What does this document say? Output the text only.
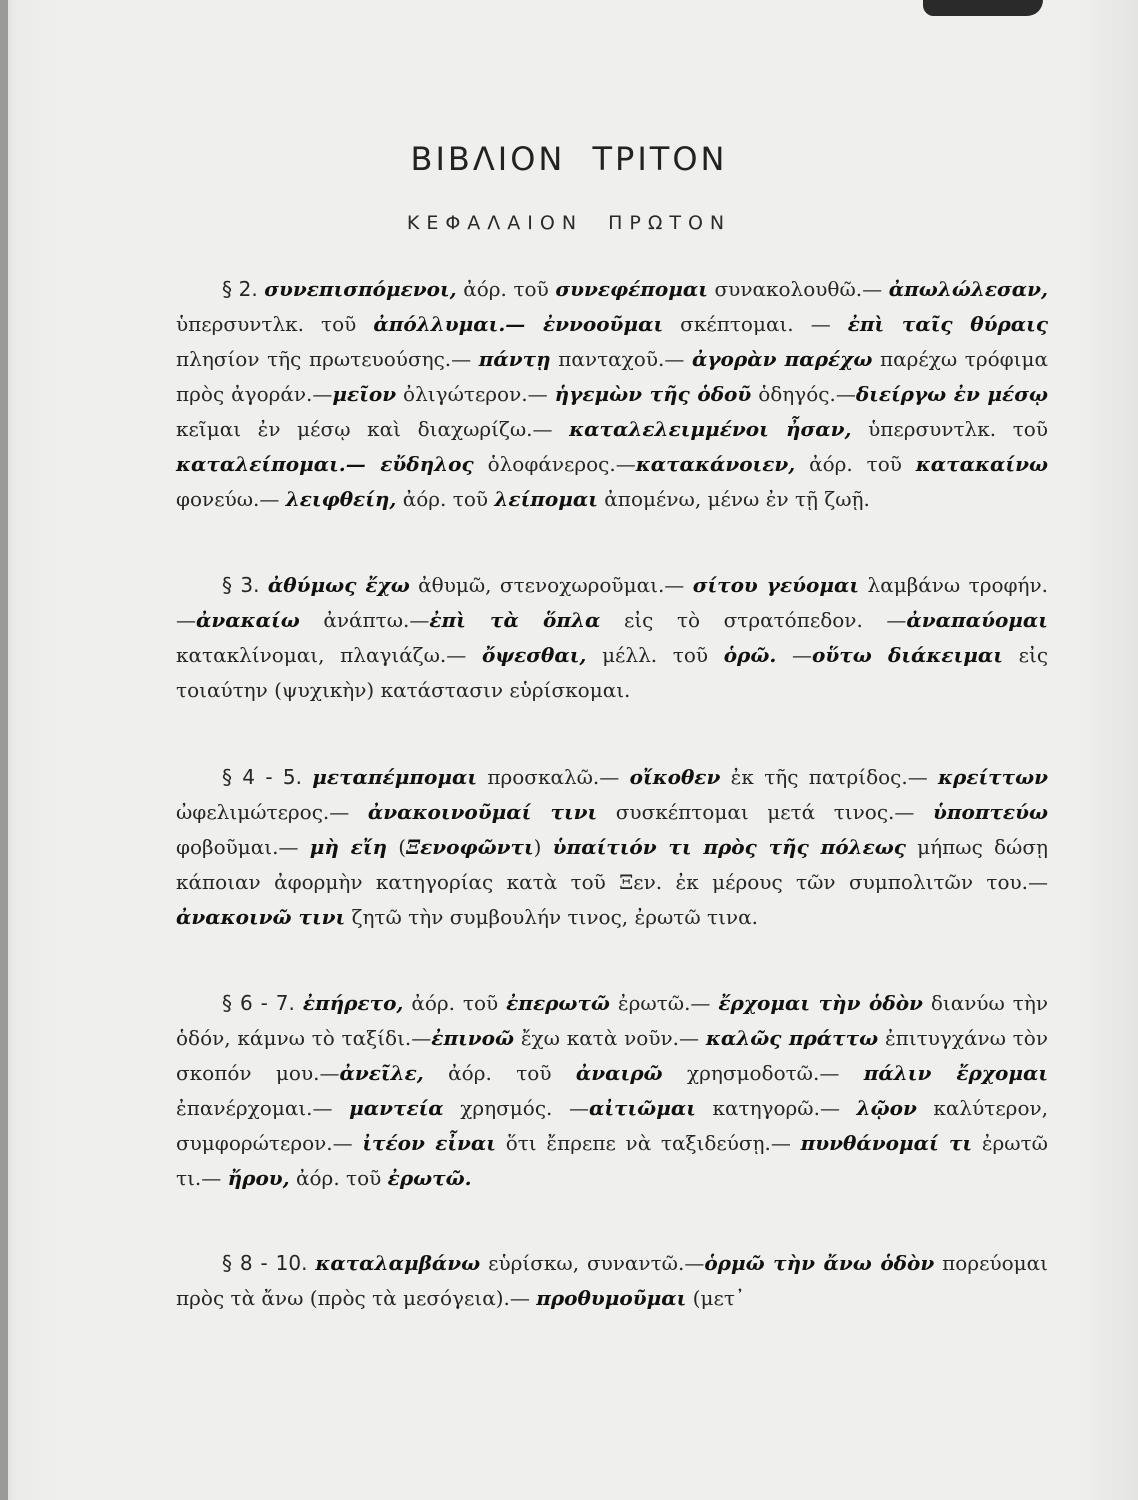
ΒΙΒΛΙΟΝ ΤΡΙΤΟΝ
ΚΕΦΑΛΑΙΟΝ ΠΡΩΤΟΝ

§ 2. συνεπισπόμενοι, ἀόρ. τοῦ συνεφέπομαι συνακολουθῶ.— ἀπωλώλεσαν, ὑπερσυντλκ. τοῦ ἀπόλλυμαι.— ἐννοοῦμαι σκέπτομαι. — ἐπὶ ταῖς θύραις πλησίον τῆς πρωτευούσης.— πάντῃ πανταχοῦ.— ἀγορὰν παρέχω παρέχω τρόφιμα πρὸς ἀγοράν.—μεῖον ὀλιγώτερον.— ἡγεμὼν τῆς ὁδοῦ ὁδηγός.—διείργω ἐν μέσῳ κεῖμαι ἐν μέσῳ καὶ διαχωρίζω.— καταλελειμμένοι ἦσαν, ὑπερσυντλκ. τοῦ καταλείπομαι.— εὔδηλος ὁλοφάνερος.—κατακάνοιεν, ἀόρ. τοῦ κατακαίνω φονεύω.— λειφθείη, ἀόρ. τοῦ λείπομαι ἀπομένω, μένω ἐν τῇ ζωῇ.

§ 3. ἀθύμως ἔχω ἀθυμῶ, στενοχωροῦμαι.— σίτου γεύομαι λαμβάνω τροφήν.—ἀνακαίω ἀνάπτω.—ἐπὶ τὰ ὅπλα εἰς τὸ στρατόπεδον. —ἀναπαύομαι κατακλίνομαι, πλαγιάζω.— ὄψεσθαι, μέλλ. τοῦ ὁρῶ. —οὕτω διάκειμαι εἰς τοιαύτην (ψυχικὴν) κατάστασιν εὑρίσκομαι.

§ 4 - 5. μεταπέμπομαι προσκαλῶ.— οἴκοθεν ἐκ τῆς πατρίδος.— κρείττων ὠφελιμώτερος.— ἀνακοινοῦμαί τινι συσκέπτομαι μετά τινος.— ὑποπτεύω φοβοῦμαι.— μὴ εἴη (Ξενοφῶντι) ὑπαίτιόν τι πρὸς τῆς πόλεως μήπως δώσῃ κάποιαν ἀφορμὴν κατηγορίας κατὰ τοῦ Ξεν. ἐκ μέρους τῶν συμπολιτῶν του.— ἀνακοινῶ τινι ζητῶ τὴν συμβουλήν τινος, ἐρωτῶ τινα.

§ 6 - 7. ἐπήρετο, ἀόρ. τοῦ ἐπερωτῶ ἐρωτῶ.— ἔρχομαι τὴν ὁδὸν διανύω τὴν ὁδόν, κάμνω τὸ ταξίδι.—ἐπινοῶ ἔχω κατὰ νοῦν.— καλῶς πράττω ἐπιτυγχάνω τὸν σκοπόν μου.—ἀνεῖλε, ἀόρ. τοῦ ἀναιρῶ χρησμοδοτῶ.— πάλιν ἔρχομαι ἐπανέρχομαι.— μαντεία χρησμός. —αἰτιῶμαι κατηγορῶ.— λῷον καλύτερον, συμφορώτερον.— ἰτέον εἶναι ὅτι ἔπρεπε νὰ ταξιδεύσῃ.— πυνθάνομαί τι ἐρωτῶ τι.— ἤρου, ἀόρ. τοῦ ἐρωτῶ.

§ 8 - 10. καταλαμβάνω εὑρίσκω, συναντῶ.—ὁρμῶ τὴν ἄνω ὁδὸν πορεύομαι πρὸς τὰ ἄνω (πρὸς τὰ μεσόγεια).— προθυμοῦμαι (μετ᾿
